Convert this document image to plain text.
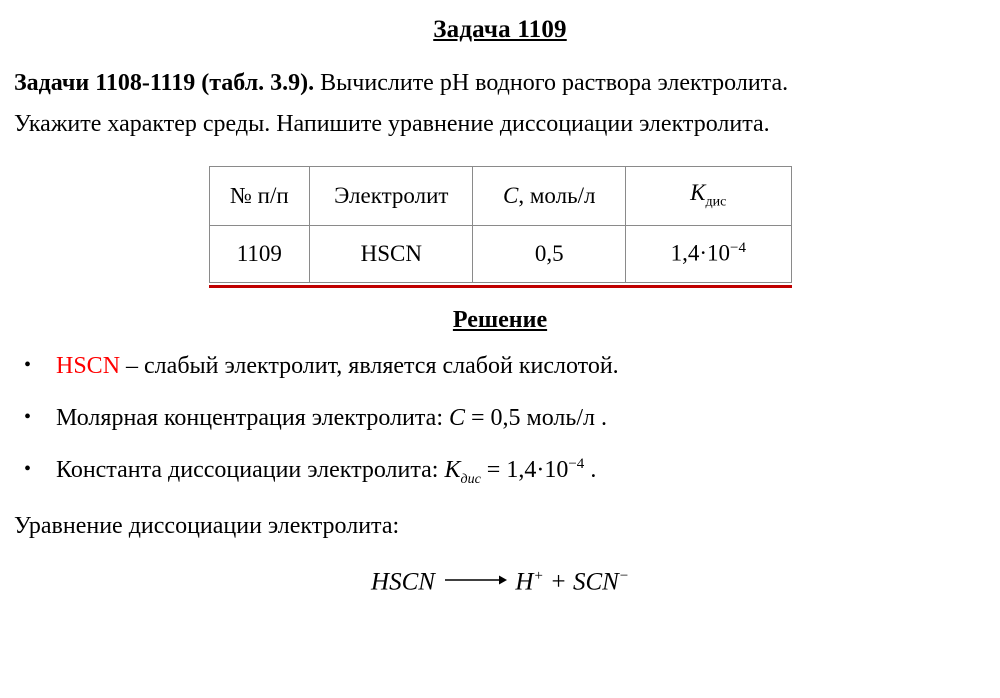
Задача 1109
Задачи 1108-1119 (табл. 3.9). Вычислите pH водного раствора электролита.
Укажите характер среды. Напишите уравнение диссоциации электролита.
№ п/п	Электролит	C, моль/л	$K_{дис}$
1109	HSCN	0,5	$1,4\cdot 10^{-4}$
Решение
• HSCN – слабый электролит, является слабой кислотой.
• Молярная концентрация электролита: C = 0,5 моль/л .
• Константа диссоциации электролита: $K_{дис} = 1,4\cdot 10^{-4}$ .
Уравнение диссоциации электролита:
HSCN	H+ + SCN−
